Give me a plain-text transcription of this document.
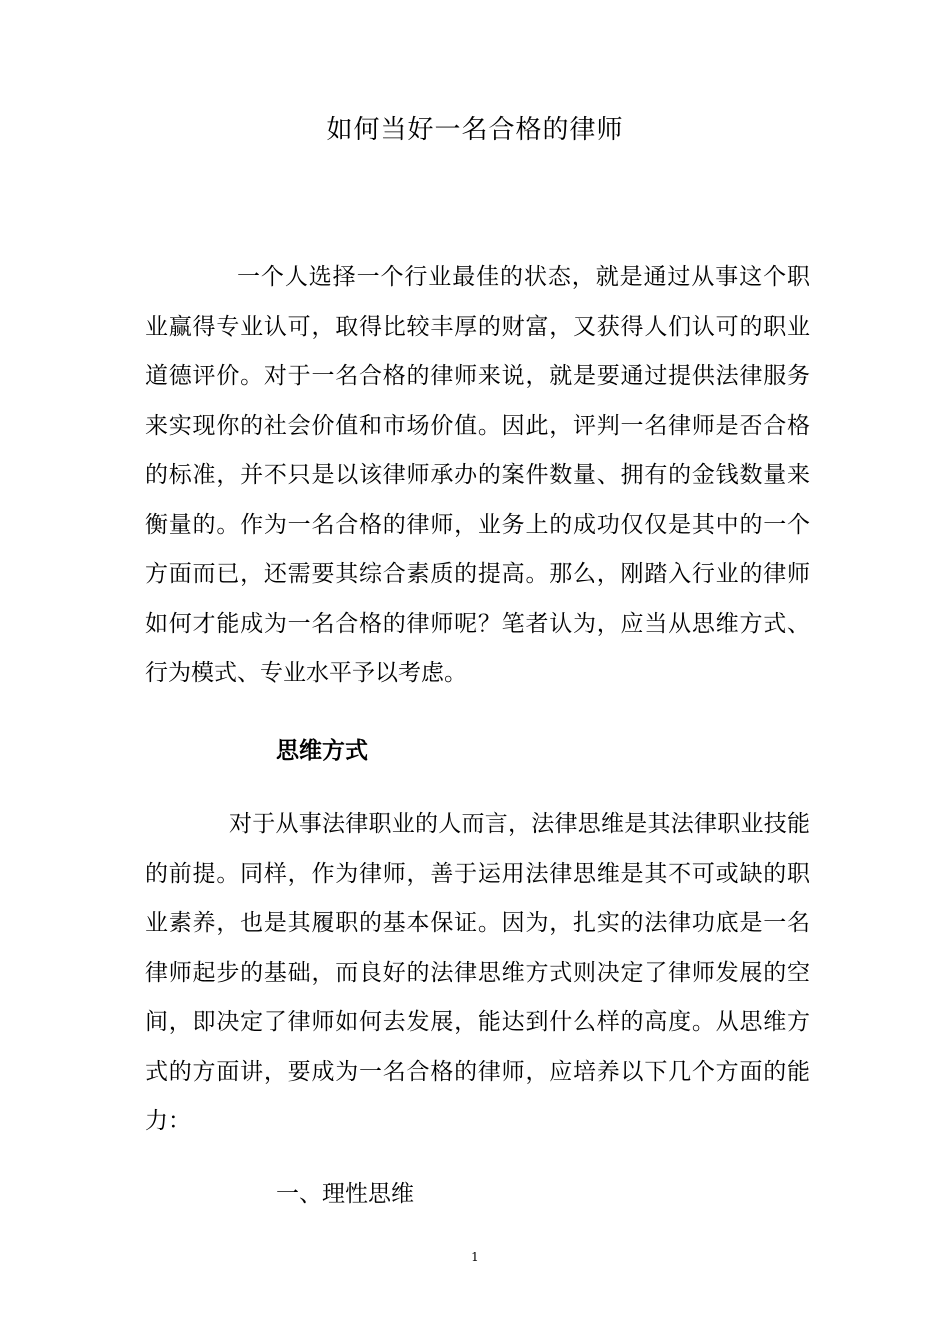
如何当好一名合格的律师

一个人选择一个行业最佳的状态，就是通过从事这个职业赢得专业认可，取得比较丰厚的财富，又获得人们认可的职业道德评价。对于一名合格的律师来说，就是要通过提供法律服务来实现你的社会价值和市场价值。因此，评判一名律师是否合格的标准，并不只是以该律师承办的案件数量、拥有的金钱数量来衡量的。作为一名合格的律师，业务上的成功仅仅是其中的一个方面而已，还需要其综合素质的提高。那么，刚踏入行业的律师如何才能成为一名合格的律师呢？笔者认为，应当从思维方式、行为模式、专业水平予以考虑。

思维方式

对于从事法律职业的人而言，法律思维是其法律职业技能的前提。同样，作为律师，善于运用法律思维是其不可或缺的职业素养，也是其履职的基本保证。因为，扎实的法律功底是一名律师起步的基础，而良好的法律思维方式则决定了律师发展的空间，即决定了律师如何去发展，能达到什么样的高度。从思维方式的方面讲，要成为一名合格的律师，应培养以下几个方面的能力：

一、理性思维
1
